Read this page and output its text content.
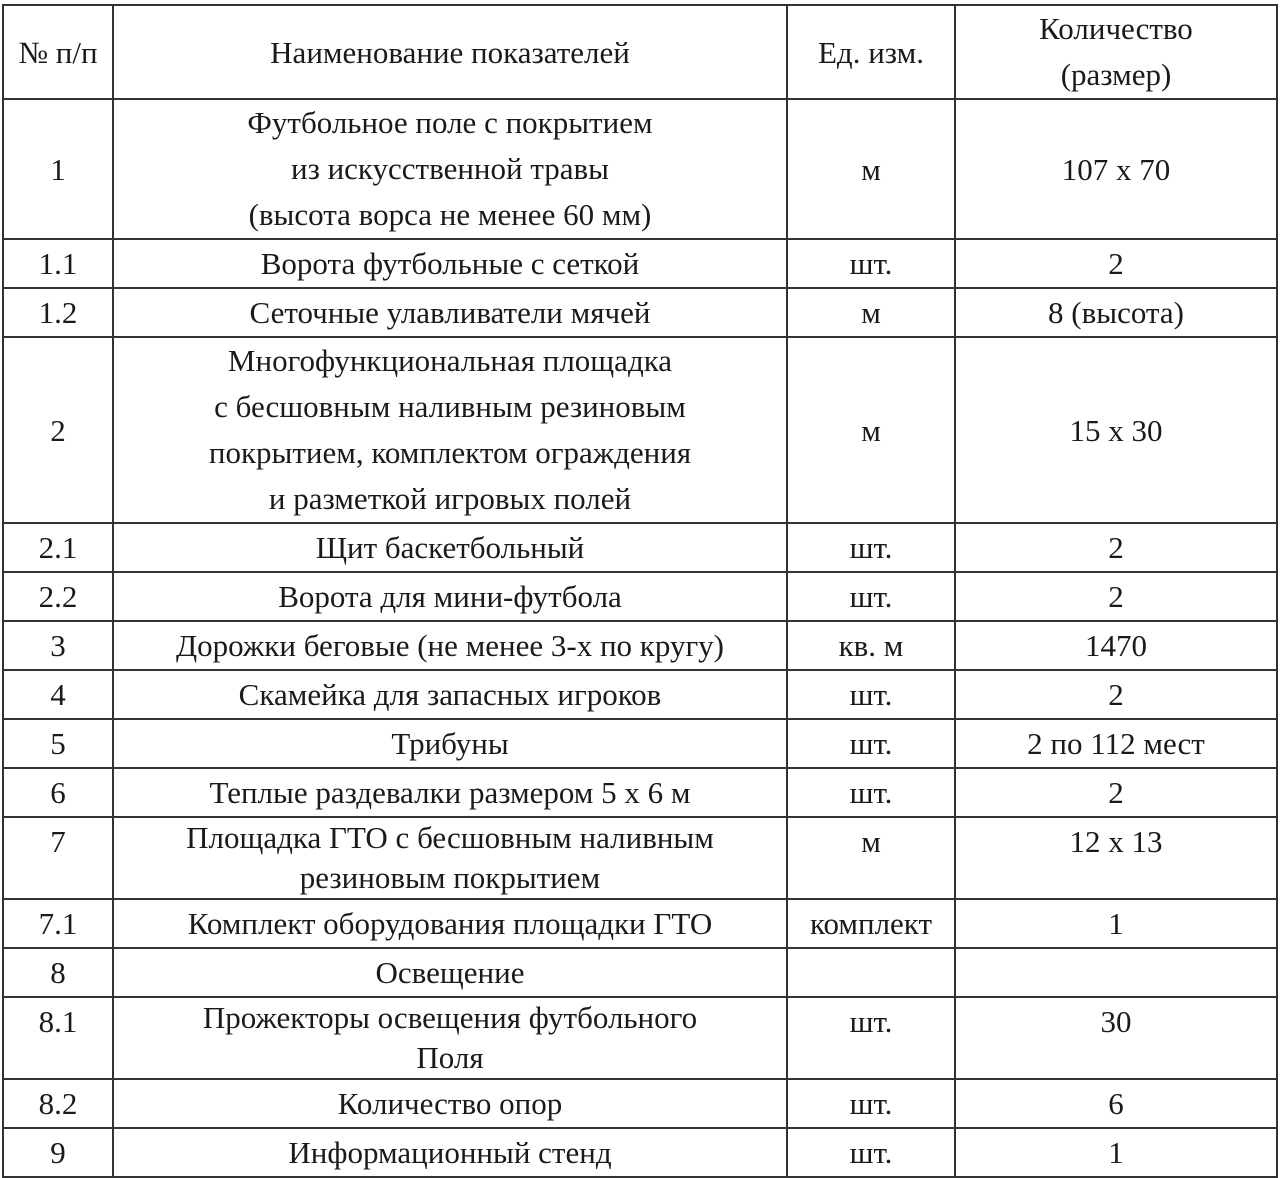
№ п/п	Наименование показателей	Ед. изм.	Количество
(размер)

1	Футбольное поле с покрытием
из искусственной травы
(высота ворса не менее 60 мм)	м	107 х 70
1.1	Ворота футбольные с сеткой	шт.	2
1.2	Сеточные улавливатели мячей	м	8 (высота)
2	Многофункциональная площадка
с бесшовным наливным резиновым
покрытием, комплектом ограждения
и разметкой игровых полей	м	15 х 30
2.1	Щит баскетбольный	шт.	2
2.2	Ворота для мини-футбола	шт.	2
3	Дорожки беговые (не менее 3-х по кругу)	кв. м	1470
4	Скамейка для запасных игроков	шт.	2
5	Трибуны	шт.	2 по 112 мест
6	Теплые раздевалки размером 5 х 6 м	шт.	2
7	Площадка ГТО с бесшовным наливным
резиновым покрытием	м	12 х 13
7.1	Комплект оборудования площадки ГТО	комплект	1
8	Освещение		

8.1	Прожекторы освещения футбольного
Поля	шт.	30
8.2	Количество опор	шт.	6
9	Информационный стенд	шт.	1
